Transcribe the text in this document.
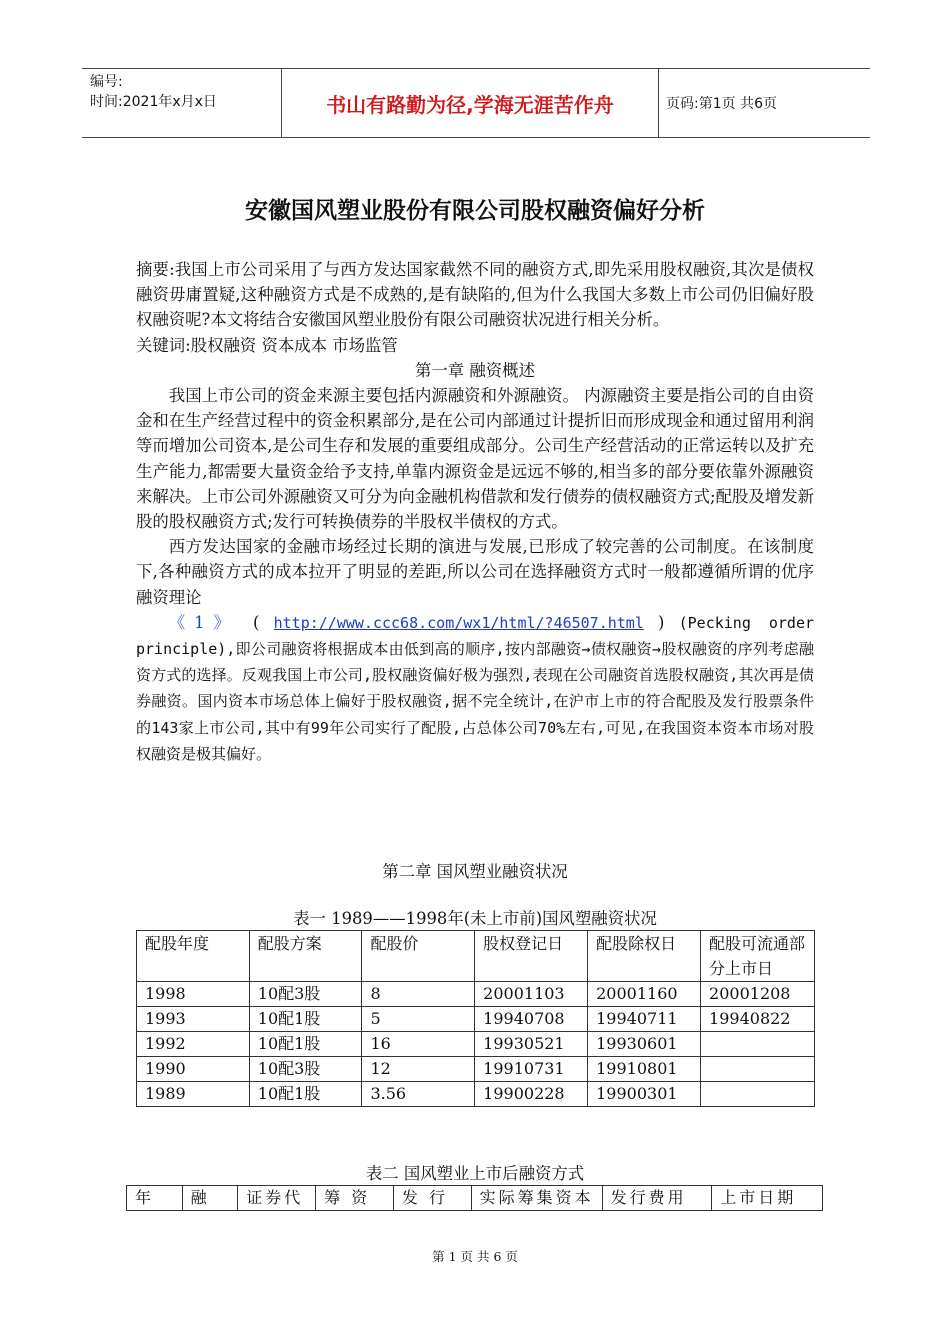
编号:
时间:2021年x月x日	书山有路勤为径,学海无涯苦作舟	页码:第1页 共6页
安徽国风塑业股份有限公司股权融资偏好分析

摘要:我国上市公司采用了与西方发达国家截然不同的融资方式,即先采用股权融资,其次是债权融资毋庸置疑,这种融资方式是不成熟的,是有缺陷的,但为什么我国大多数上市公司仍旧偏好股权融资呢?本文将结合安徽国风塑业股份有限公司融资状况进行相关分析。

关键词:股权融资 资本成本 市场监管

第一章 融资概述

我国上市公司的资金来源主要包括内源融资和外源融资。 内源融资主要是指公司的自由资金和在生产经营过程中的资金积累部分,是在公司内部通过计提折旧而形成现金和通过留用利润等而增加公司资本,是公司生存和发展的重要组成部分。公司生产经营活动的正常运转以及扩充生产能力,都需要大量资金给予支持,单靠内源资金是远远不够的,相当多的部分要依靠外源融资来解决。上市公司外源融资又可分为向金融机构借款和发行债券的债权融资方式;配股及增发新股的股权融资方式;发行可转换债券的半股权半债权的方式。

西方发达国家的金融市场经过长期的演进与发展,已形成了较完善的公司制度。在该制度下,各种融资方式的成本拉开了明显的差距,所以公司在选择融资方式时一般都遵循所谓的优序融资理论

《1》 ( http://www.ccc68.com/wx1/html/?46507.html ) (Pecking order principle),即公司融资将根据成本由低到高的顺序,按内部融资→债权融资→股权融资的序列考虑融资方式的选择。反观我国上市公司,股权融资偏好极为强烈,表现在公司融资首选股权融资,其次再是债券融资。国内资本市场总体上偏好于股权融资,据不完全统计,在沪市上市的符合配股及发行股票条件的143家上市公司,其中有99年公司实行了配股,占总体公司70%左右,可见,在我国资本资本市场对股权融资是极其偏好。

第二章 国风塑业融资状况
表一 1989——1998年(未上市前)国风塑融资状况
配股年度	配股方案	配股价	股权登记日	配股除权日	配股可流通部分上市日
1998	10配3股	8	20001103	20001160	20001208
1993	10配1股	5	19940708	19940711	19940822
1992	10配1股	16	19930521	19930601	
1990	10配3股	12	19910731	19910801	
1989	10配1股	3.56	19900228	19900301	
表二 国风塑业上市后融资方式
年	融	证券代	筹 资	发 行	实际筹集资本	发行费用	上市日期
第 1 页 共 6 页
